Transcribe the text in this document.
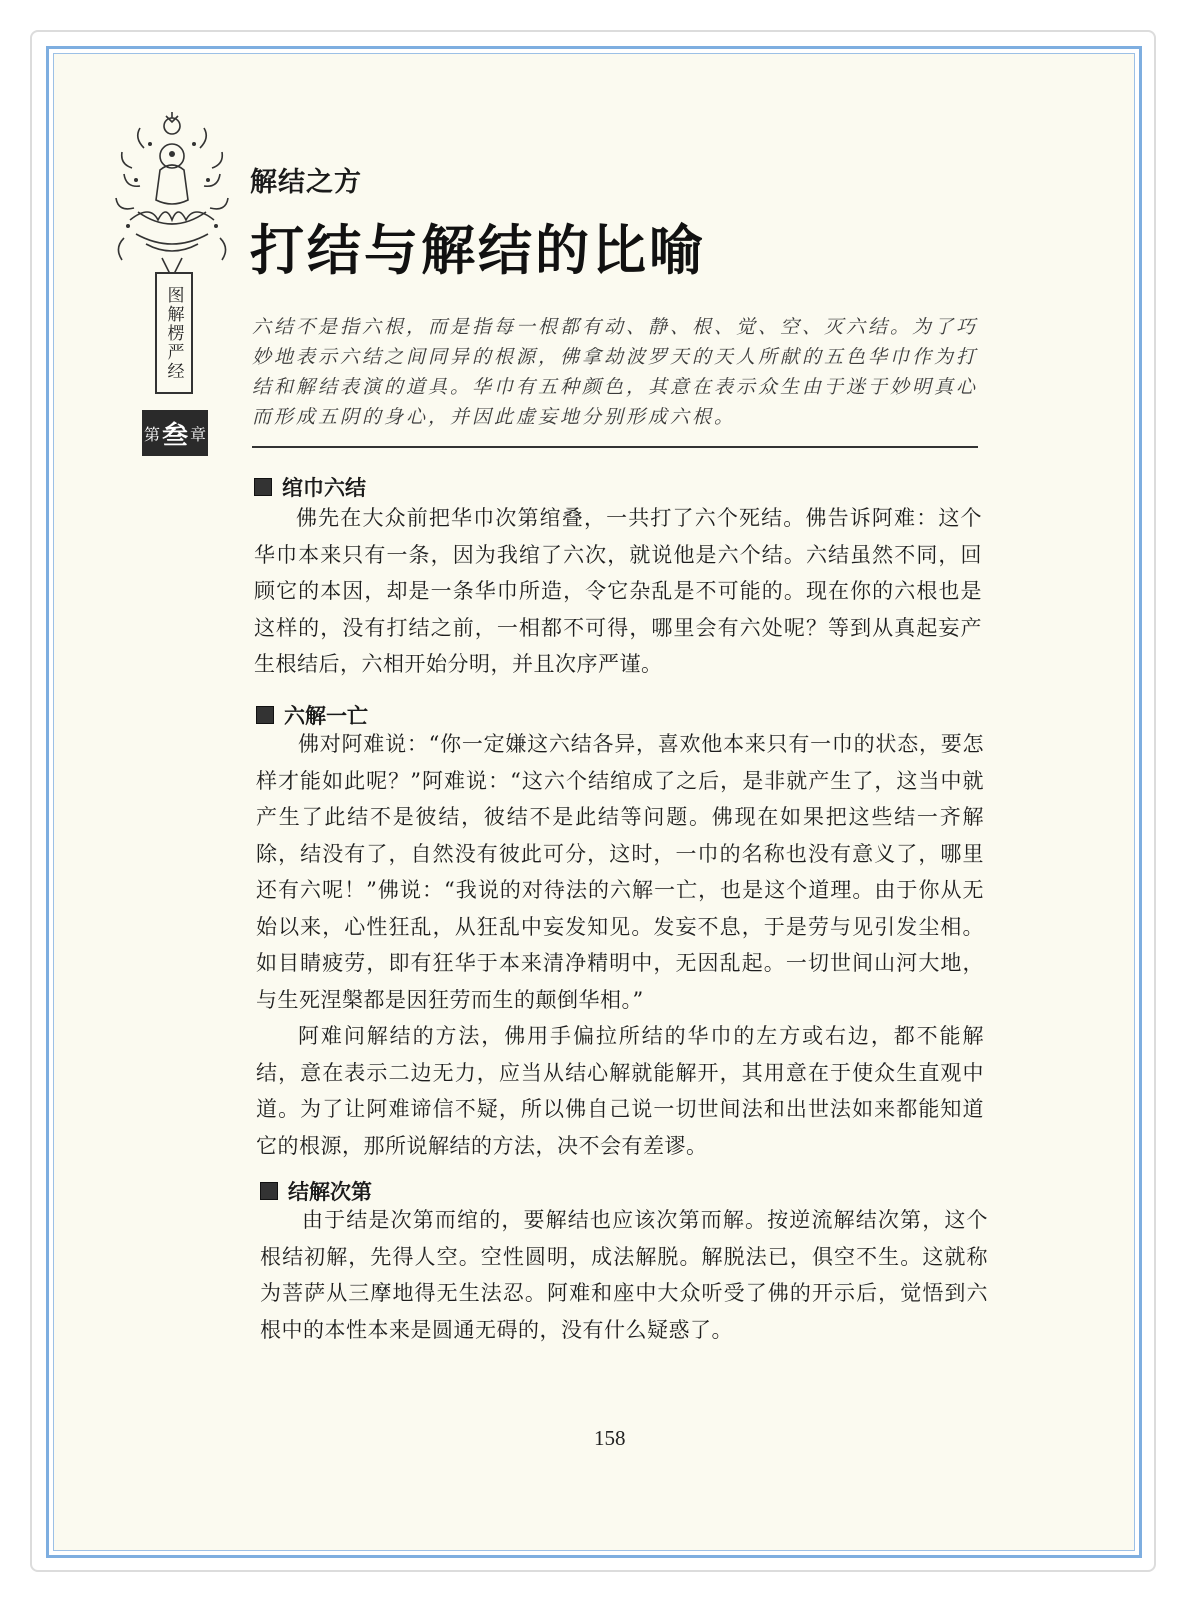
图解楞严经
第 叁 章
解结之方
打结与解结的比喻
六结不是指六根，而是指每一根都有动、静、根、觉、空、灭六结。为了巧妙地表示六结之间同异的根源，佛拿劫波罗天的天人所献的五色华巾作为打结和解结表演的道具。华巾有五种颜色，其意在表示众生由于迷于妙明真心而形成五阴的身心，并因此虚妄地分别形成六根。
绾巾六结

佛先在大众前把华巾次第绾叠，一共打了六个死结。佛告诉阿难：这个华巾本来只有一条，因为我绾了六次，就说他是六个结。六结虽然不同，回顾它的本因，却是一条华巾所造，令它杂乱是不可能的。现在你的六根也是这样的，没有打结之前，一相都不可得，哪里会有六处呢？等到从真起妄产生根结后，六相开始分明，并且次序严谨。

六解一亡

佛对阿难说：“你一定嫌这六结各异，喜欢他本来只有一巾的状态，要怎样才能如此呢？”阿难说：“这六个结绾成了之后，是非就产生了，这当中就产生了此结不是彼结，彼结不是此结等问题。佛现在如果把这些结一齐解除，结没有了，自然没有彼此可分，这时，一巾的名称也没有意义了，哪里还有六呢！”佛说：“我说的对待法的六解一亡，也是这个道理。由于你从无始以来，心性狂乱，从狂乱中妄发知见。发妄不息，于是劳与见引发尘相。如目睛疲劳，即有狂华于本来清净精明中，无因乱起。一切世间山河大地，与生死涅槃都是因狂劳而生的颠倒华相。”

阿难问解结的方法，佛用手偏拉所结的华巾的左方或右边，都不能解结，意在表示二边无力，应当从结心解就能解开，其用意在于使众生直观中道。为了让阿难谛信不疑，所以佛自己说一切世间法和出世法如来都能知道它的根源，那所说解结的方法，决不会有差谬。

结解次第

由于结是次第而绾的，要解结也应该次第而解。按逆流解结次第，这个根结初解，先得人空。空性圆明，成法解脱。解脱法已，俱空不生。这就称为菩萨从三摩地得无生法忍。阿难和座中大众听受了佛的开示后，觉悟到六根中的本性本来是圆通无碍的，没有什么疑惑了。

158
